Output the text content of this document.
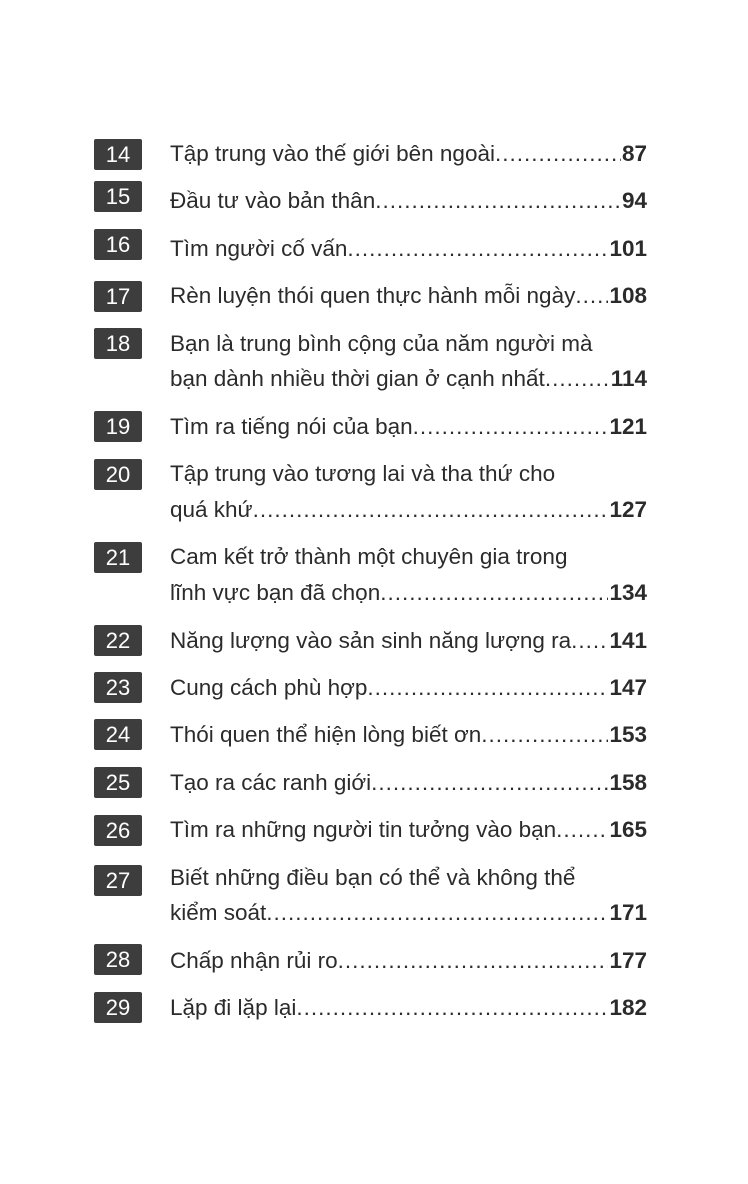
14	Tập trung vào thế giới bên ngoài .....	87
15	Đầu tư vào bản thân .....	94
16	Tìm người cố vấn .....	101
17	Rèn luyện thói quen thực hành mỗi ngày ..... 108
18	Bạn là trung bình cộng của năm người mà
bạn dành nhiều thời gian ở cạnh nhất .....	114
19	Tìm ra tiếng nói của bạn .....	121
20	Tập trung vào tương lai và tha thứ cho
quá khứ .....	127
21	Cam kết trở thành một chuyên gia trong
lĩnh vực bạn đã chọn .....	134
22	Năng lượng vào sản sinh năng lượng ra ..... 141
23	Cung cách phù hợp .....	147
24	Thói quen thể hiện lòng biết ơn .....	153
25	Tạo ra các ranh giới .....	158
26	Tìm ra những người tin tưởng vào bạn ..... 165
27	Biết những điều bạn có thể và không thể
kiểm soát .....	171
28	Chấp nhận rủi ro .....	177
29	Lặp đi lặp lại .....	182
